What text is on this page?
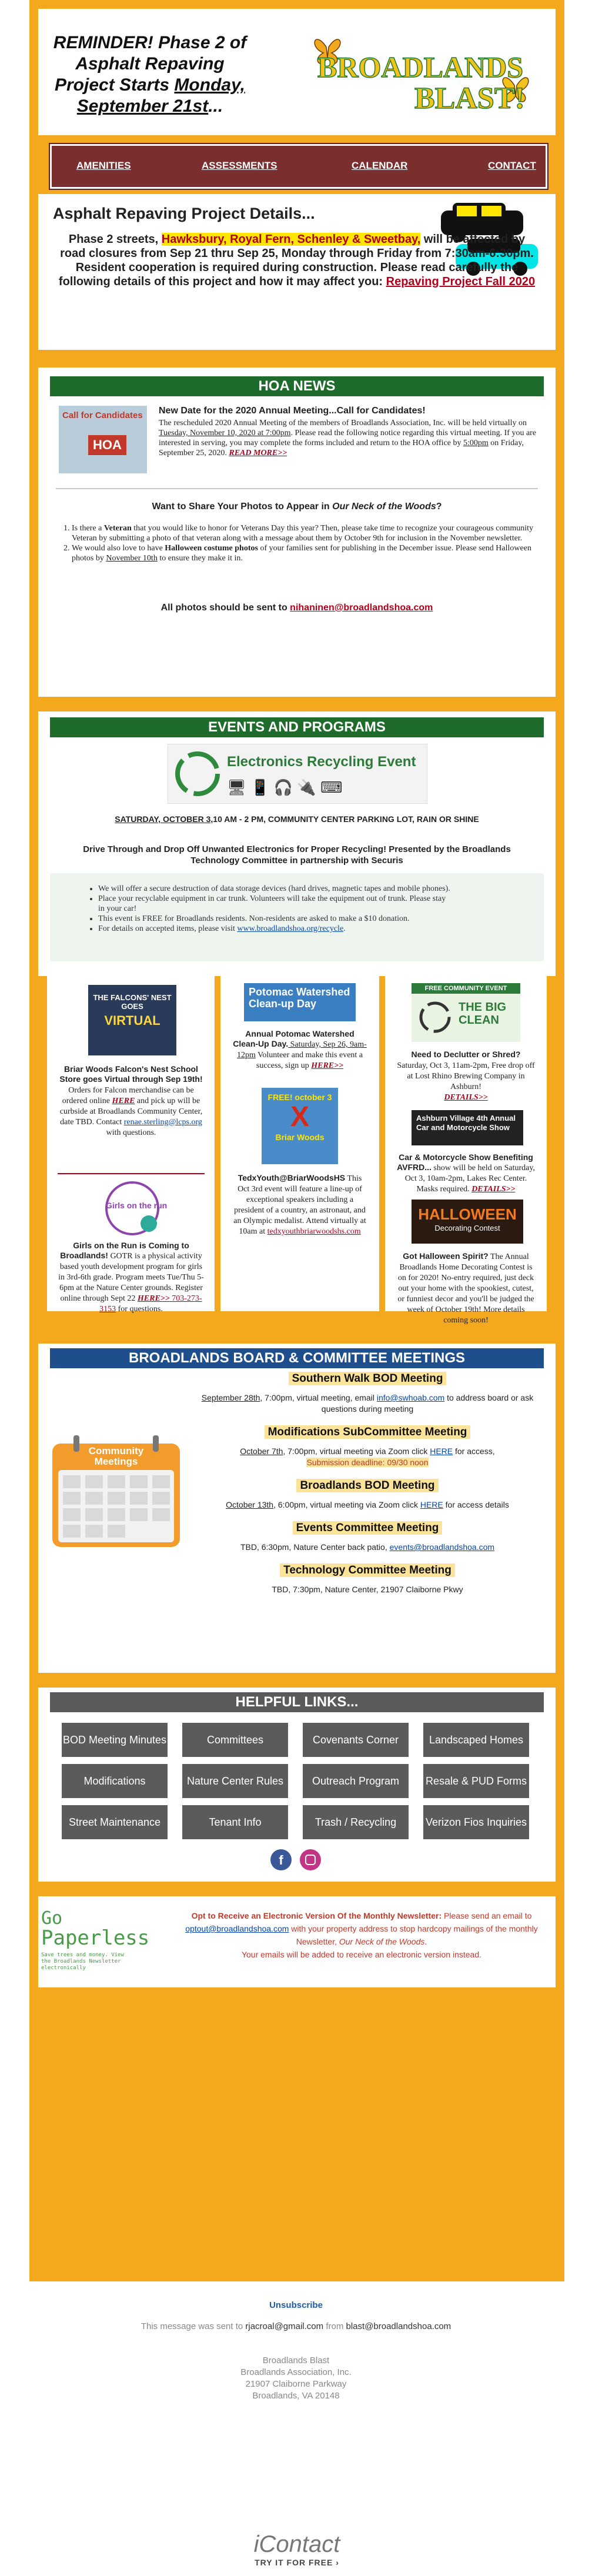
REMINDER! Phase 2 of
Asphalt Repaving
Project Starts Monday,
September 21st...
BROADLANDS
BLAST!
AMENITIES	ASSESSMENTS	CALENDAR	CONTACT
Asphalt Repaving Project Details...
Phase 2 streets, Hawksbury, Royal Fern, Schenley & Sweetbay, will be affected by road closures from Sep 21 thru Sep 25, Monday through Friday from 7:30am-6:30pm. Resident cooperation is required during construction. Please read carefully the following details of this project and how it may affect you: Repaving Project Fall 2020
HOA NEWS
Call for Candidates
HOA
New Date for the 2020 Annual Meeting...Call for Candidates!
The rescheduled 2020 Annual Meeting of the members of Broadlands Association, Inc. will be held virtually on Tuesday, November 10, 2020 at 7:00pm. Please read the following notice regarding this virtual meeting. If you are interested in serving, you may complete the forms included and return to the HOA office by 5:00pm on Friday, September 25, 2020. READ MORE>>
Want to Share Your Photos to Appear in Our Neck of the Woods?
1. Is there a Veteran that you would like to honor for Veterans Day this year? Then, please take time to recognize your courageous community Veteran by submitting a photo of that veteran along with a message about them by October 9th for inclusion in the November newsletter.
2. We would also love to have Halloween costume photos of your families sent for publishing in the December issue. Please send Halloween photos by November 10th to ensure they make it in.
All photos should be sent to nihaninen@broadlandshoa.com
EVENTS AND PROGRAMS
Electronics Recycling Event
🖥 📱 🎧 🔌 ⌨
SATURDAY, OCTOBER 3,10 AM - 2 PM, COMMUNITY CENTER PARKING LOT, RAIN OR SHINE
Drive Through and Drop Off Unwanted Electronics for Proper Recycling! Presented by the Broadlands Technology Committee in partnership with Securis
• We will offer a secure destruction of data storage devices (hard drives, magnetic tapes and mobile phones).
• Place your recyclable equipment in car trunk. Volunteers will take the equipment out of trunk. Please stay in your car!
• This event is FREE for Broadlands residents. Non-residents are asked to make a $10 donation.
• For details on accepted items, please visit www.broadlandshoa.org/recycle.
THE FALCONS' NEST GOES
VIRTUAL
Briar Woods Falcon's Nest School Store goes Virtual through Sep 19th! Orders for Falcon merchandise can be ordered online HERE and pick up will be curbside at Broadlands Community Center, date TBD. Contact renae.sterling@lcps.org with questions.
Girls on the run
Girls on the Run is Coming to Broadlands! GOTR is a physical activity based youth development program for girls in 3rd-6th grade. Program meets Tue/Thu 5-6pm at the Nature Center grounds. Register online through Sept 22 HERE>> 703-273-3153 for questions.
Potomac Watershed Clean-up Day
Annual Potomac Watershed Clean-Up Day. Saturday, Sep 26, 9am-12pm Volunteer and make this event a success, sign up HERE>>
FREE! october 3
X
Briar Woods
TedxYouth@BriarWoodsHS This Oct 3rd event will feature a line-up of exceptional speakers including a president of a country, an astronaut, and an Olympic medalist. Attend virtually at 10am at tedxyouthbriarwoodshs.com
FREE COMMUNITY EVENT
THE BIG CLEAN
Need to Declutter or Shred? Saturday, Oct 3, 11am-2pm, Free drop off at Lost Rhino Brewing Company in Ashburn!
DETAILS>>
Ashburn Village 4th Annual Car and Motorcycle Show
Car & Motorcycle Show Benefiting AVFRD... show will be held on Saturday, Oct 3, 10am-2pm, Lakes Rec Center. Masks required. DETAILS>>
HALLOWEEN
Decorating Contest
Got Halloween Spirit? The Annual Broadlands Home Decorating Contest is on for 2020! No-entry required, just deck out your home with the spookiest, cutest, or funniest decor and you'll be judged the week of October 19th! More details coming soon!
BROADLANDS BOARD & COMMITTEE MEETINGS
Community Meetings
Southern Walk BOD Meeting
September 28th, 7:00pm, virtual meeting, email info@swhoab.com to address board or ask questions during meeting
Modifications SubCommittee Meeting
October 7th, 7:00pm, virtual meeting via Zoom click HERE for access,
Submission deadline: 09/30 noon
Broadlands BOD Meeting
October 13th, 6:00pm, virtual meeting via Zoom click HERE for access details
Events Committee Meeting
TBD, 6:30pm, Nature Center back patio, events@broadlandshoa.com
Technology Committee Meeting
TBD, 7:30pm, Nature Center, 21907 Claiborne Pkwy
HELPFUL LINKS...
BOD Meeting Minutes	Committees	Covenants Corner	Landscaped Homes
Modifications	Nature Center Rules	Outreach Program	Resale & PUD Forms
Street Maintenance	Tenant Info	Trash / Recycling	Verizon Fios Inquiries
f
Go
Paperless
Save trees and money. View the Broadlands Newsletter electronically
Opt to Receive an Electronic Version Of the Monthly Newsletter: Please send an email to optout@broadlandshoa.com with your property address to stop hardcopy mailings of the monthly Newsletter, Our Neck of the Woods.
Your emails will be added to receive an electronic version instead.
Unsubscribe
This message was sent to rjacroal@gmail.com from blast@broadlandshoa.com
Broadlands Blast
Broadlands Association, Inc.
21907 Claiborne Parkway
Broadlands, VA 20148
iContact
TRY IT FOR FREE ›
